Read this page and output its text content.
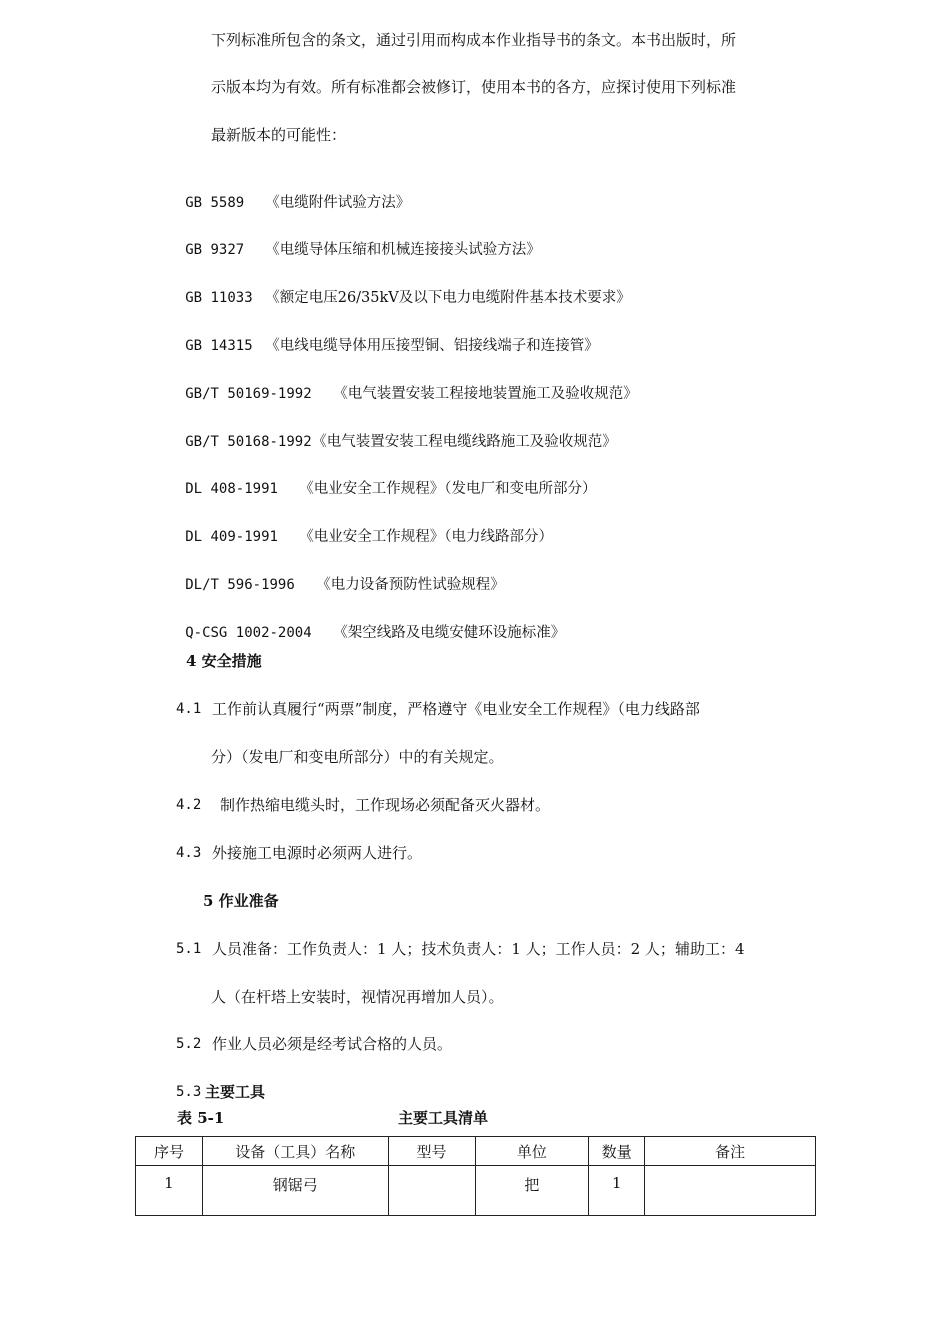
下列标准所包含的条文，通过引用而构成本作业指导书的条文。本书出版时，所
示版本均为有效。所有标准都会被修订，使用本书的各方，应探讨使用下列标准
最新版本的可能性：

GB 5589 《电缆附件试验方法》

GB 9327 《电缆导体压缩和机械连接接头试验方法》

GB 11033 《额定电压26/35kV及以下电力电缆附件基本技术要求》

GB 14315 《电线电缆导体用压接型铜、铝接线端子和连接管》

GB/T 50169-1992 《电气装置安装工程接地装置施工及验收规范》

GB/T 50168-1992《电气装置安装工程电缆线路施工及验收规范》

DL 408-1991 《电业安全工作规程》（发电厂和变电所部分）

DL 409-1991 《电业安全工作规程》（电力线路部分）

DL/T 596-1996 《电力设备预防性试验规程》

Q-CSG 1002-2004 《架空线路及电缆安健环设施标准》

4 安全措施
4.1 工作前认真履行“两票”制度，严格遵守《电业安全工作规程》（电力线路部
分）（发电厂和变电所部分）中的有关规定。
4.2 制作热缩电缆头时，工作现场必须配备灭火器材。
4.3 外接施工电源时必须两人进行。
5 作业准备
5.1 人员准备：工作负责人：1 人；技术负责人：1 人；工作人员：2 人；辅助工：4
人（在杆塔上安装时，视情况再增加人员）。
5.2 作业人员必须是经考试合格的人员。
5.3 主要工具
表 5-1	主要工具清单
序号	设备（工具）名称	型号	单位	数量	备注
1	钢锯弓		把	1	
